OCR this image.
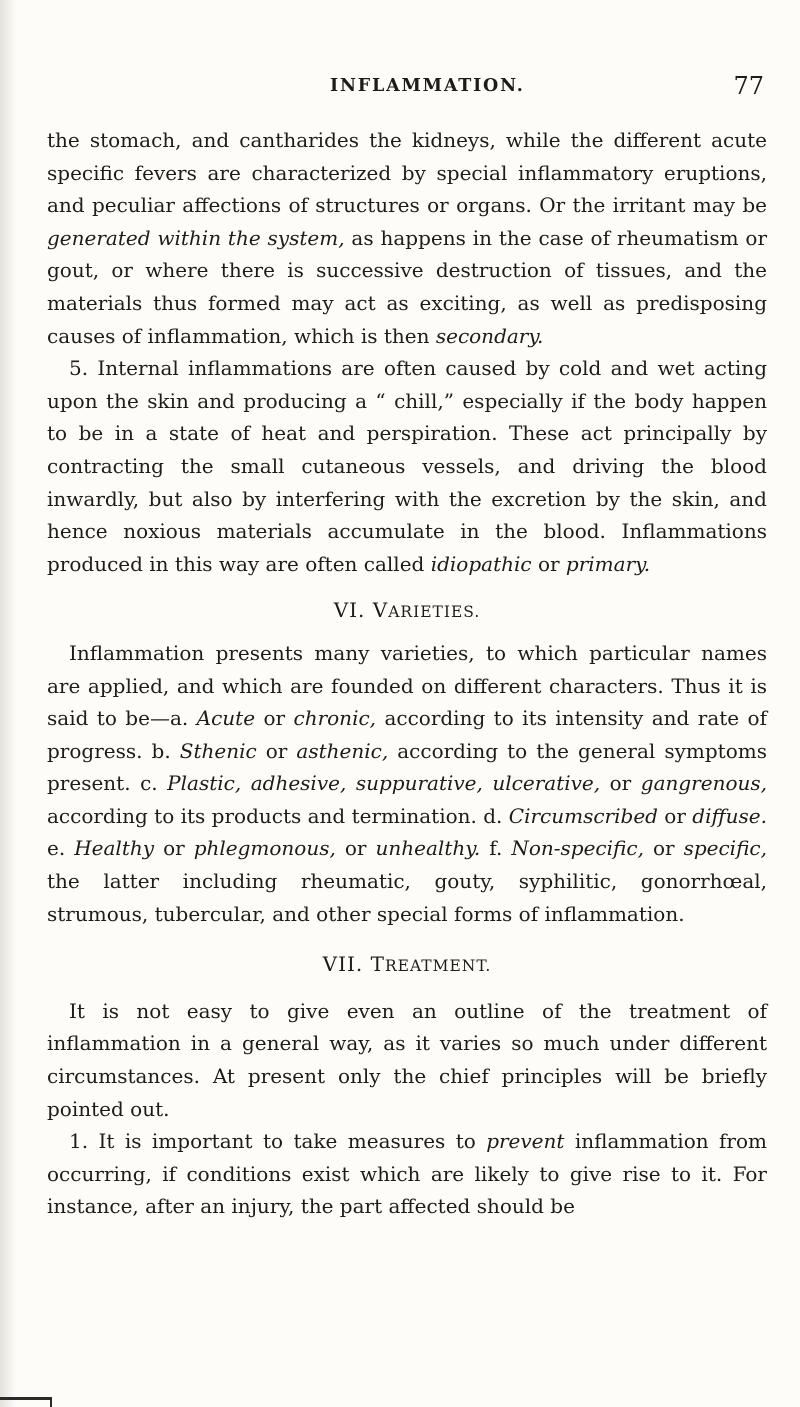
INFLAMMATION.	77

the stomach, and cantharides the kidneys, while the different acute specific fevers are characterized by special inflammatory eruptions, and peculiar affections of structures or organs. Or the irritant may be generated within the system, as happens in the case of rheumatism or gout, or where there is successive destruction of tissues, and the materials thus formed may act as exciting, as well as predisposing causes of inflammation, which is then secondary.

5. Internal inflammations are often caused by cold and wet acting upon the skin and producing a “ chill,” especially if the body happen to be in a state of heat and perspiration. These act principally by contracting the small cutaneous vessels, and driving the blood inwardly, but also by interfering with the excretion by the skin, and hence noxious materials accumulate in the blood. Inflammations produced in this way are often called idiopathic or primary.

VI. VARIETIES.

Inflammation presents many varieties, to which particular names are applied, and which are founded on different characters. Thus it is said to be—a. Acute or chronic, according to its intensity and rate of progress. b. Sthenic or asthenic, according to the general symptoms present. c. Plastic, adhesive, suppurative, ulcerative, or gangrenous, according to its products and termination. d. Circumscribed or diffuse. e. Healthy or phlegmonous, or unhealthy. f. Non-specific, or specific, the latter including rheumatic, gouty, syphilitic, gonorrhœal, strumous, tubercular, and other special forms of inflammation.

VII. TREATMENT.

It is not easy to give even an outline of the treatment of inflammation in a general way, as it varies so much under different circumstances. At present only the chief principles will be briefly pointed out.

1. It is important to take measures to prevent inflammation from occurring, if conditions exist which are likely to give rise to it. For instance, after an injury, the part affected should be
